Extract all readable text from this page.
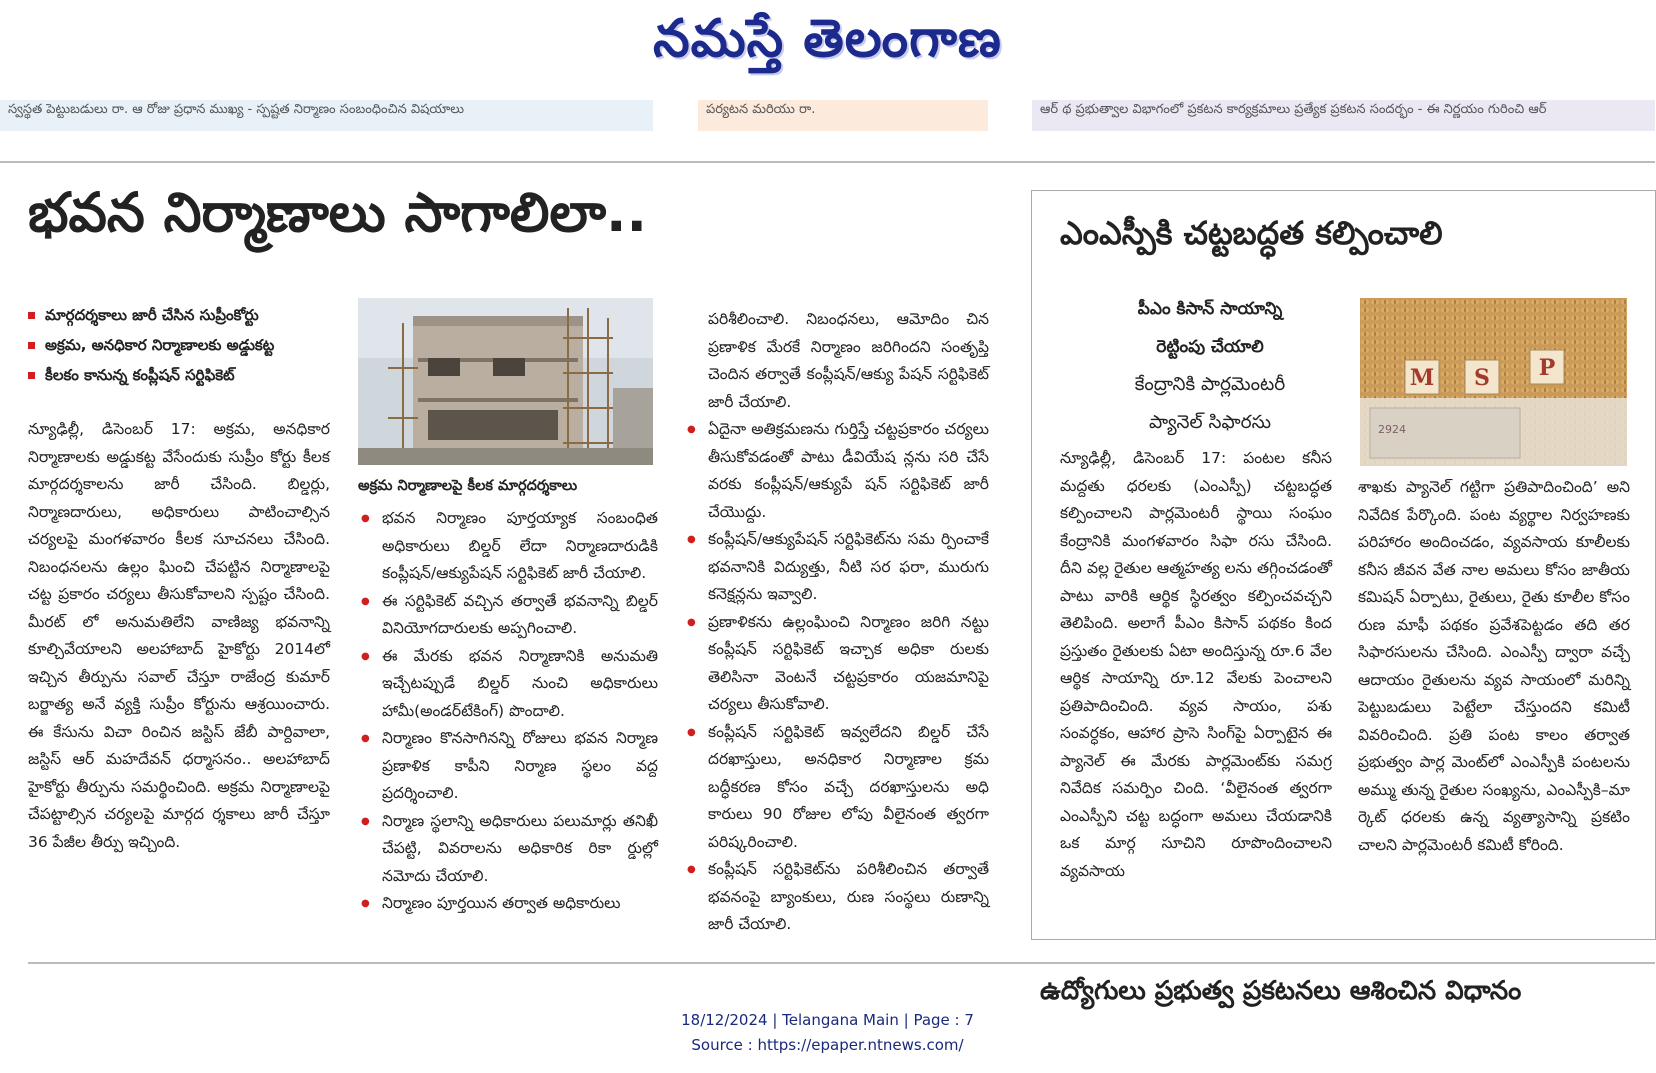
నమస్తే తెలంగాణ
స్వస్థత పెట్టుబడులు రా. ఆ రోజు ప్రధాన ముఖ్య - స్పష్టత నిర్మాణం సంబంధించిన విషయాలు	పర్యటన మరియు రా.	ఆర్ థ ప్రభుత్వాల విభాగంలో ప్రకటన కార్యక్రమాలు ప్రత్యేక ప్రకటన సందర్భం - ఈ నిర్ణయం గురించి ఆర్
భవన నిర్మాణాలు సాగాలిలా..
మార్గదర్శకాలు జారీ చేసిన సుప్రీంకోర్టు
అక్రమ, అనధికార నిర్మాణాలకు అడ్డుకట్ట
కీలకం కానున్న కంప్లీషన్ సర్టిఫికెట్

న్యూఢిల్లీ, డిసెంబర్ 17: అక్రమ, అనధికార నిర్మాణాలకు అడ్డుకట్ట వేసేందుకు సుప్రీం కోర్టు కీలక మార్గదర్శకాలను జారీ చేసింది. బిల్డర్లు, నిర్మాణదారులు, అధికారులు పాటించాల్సిన చర్యలపై మంగళవారం కీలక సూచనలు చేసింది. నిబంధనలను ఉల్లం ఘించి చేపట్టిన నిర్మాణాలపై చట్ట ప్రకారం చర్యలు తీసుకోవాలని స్పష్టం చేసింది. మీరట్ లో అనుమతిలేని వాణిజ్య భవనాన్ని కూల్చివేయాలని అలహాబాద్ హైకోర్టు 2014లో ఇచ్చిన తీర్పును సవాల్ చేస్తూ రాజేంద్ర కుమార్ బర్జాత్య అనే వ్యక్తి సుప్రీం కోర్టును ఆశ్రయించారు. ఈ కేసును విచా రించిన జస్టిస్ జేబీ పార్దివాలా, జస్టిస్ ఆర్ మహదేవన్ ధర్మాసనం.. అలహాబాద్ హైకోర్టు తీర్పును సమర్థించింది. అక్రమ నిర్మాణాలపై చేపట్టాల్సిన చర్యలపై మార్గద ర్శకాలు జారీ చేస్తూ 36 పేజీల తీర్పు ఇచ్చింది.

అక్రమ నిర్మాణాలపై కీలక మార్గదర్శకాలు
● భవన నిర్మాణం పూర్తయ్యాక సంబంధిత అధికారులు బిల్డర్ లేదా నిర్మాణదారుడికి కంప్లీషన్/ఆక్యుపేషన్ సర్టిఫికెట్ జారీ చేయాలి.
● ఈ సర్టిఫికెట్ వచ్చిన తర్వాతే భవనాన్ని బిల్డర్ వినియోగదారులకు అప్పగించాలి.
● ఈ మేరకు భవన నిర్మాణానికి అనుమతి ఇచ్చేటప్పుడే బిల్డర్ నుంచి అధికారులు హామీ(అండర్‌టేకింగ్) పొందాలి.
● నిర్మాణం కొనసాగినన్ని రోజులు భవన నిర్మాణ ప్రణాళిక కాపీని నిర్మాణ స్థలం వద్ద ప్రదర్శించాలి.
● నిర్మాణ స్థలాన్ని అధికారులు పలుమార్లు తనిఖీ చేపట్టి, వివరాలను అధికారిక రికా ర్డుల్లో నమోదు చేయాలి.
● నిర్మాణం పూర్తయిన తర్వాత అధికారులు

పరిశీలించాలి. నిబంధనలు, ఆమోదిం చిన ప్రణాళిక మేరకే నిర్మాణం జరిగిందని సంతృప్తి చెందిన తర్వాతే కంప్లీషన్/ఆక్యు పేషన్ సర్టిఫికెట్ జారీ చేయాలి.

● ఏదైనా అతిక్రమణను గుర్తిస్తే చట్టప్రకారం చర్యలు తీసుకోవడంతో పాటు డీవియేష న్లను సరి చేసే వరకు కంప్లీషన్/ఆక్యుపే షన్ సర్టిఫికెట్ జారీ చేయొద్దు.
● కంప్లీషన్/ఆక్యుపేషన్ సర్టిఫికెట్‌ను సమ ర్పించాకే భవనానికి విద్యుత్తు, నీటి సర ఫరా, మురుగు కనెక్షన్లను ఇవ్వాలి.
● ప్రణాళికను ఉల్లంఘించి నిర్మాణం జరిగి నట్టు కంప్లీషన్ సర్టిఫికెట్ ఇచ్చాక అధికా రులకు తెలిసినా వెంటనే చట్టప్రకారం యజమానిపై చర్యలు తీసుకోవాలి.
● కంప్లీషన్ సర్టిఫికెట్ ఇవ్వలేదని బిల్డర్ చేసే దరఖాస్తులు, అనధికార నిర్మాణాల క్రమ బద్ధీకరణ కోసం వచ్చే దరఖాస్తులను అధి కారులు 90 రోజుల లోపు వీలైనంత త్వరగా పరిష్కరించాలి.
● కంప్లీషన్ సర్టిఫికెట్‌ను పరిశీలించిన తర్వాతే భవనంపై బ్యాంకులు, రుణ సంస్థలు రుణాన్ని జారీ చేయాలి.
ఎంఎస్పీకి చట్టబద్ధత కల్పించాలి
పీఎం కిసాన్ సాయాన్ని
రెట్టింపు చేయాలి
కేంద్రానికి పార్లమెంటరీ
ప్యానెల్ సిఫారసు	2924
M S P

న్యూఢిల్లీ, డిసెంబర్ 17: పంటల కనీస మద్దతు ధరలకు (ఎంఎస్పీ) చట్టబద్ధత కల్పించాలని పార్లమెంటరీ స్థాయి సంఘం కేంద్రానికి మంగళవారం సిఫా రసు చేసింది. దీని వల్ల రైతుల ఆత్మహత్య లను తగ్గించడంతో పాటు వారికి ఆర్థిక స్థిరత్వం కల్పించవచ్చని తెలిపింది. అలాగే పీఎం కిసాన్ పథకం కింద ప్రస్తుతం రైతులకు ఏటా అందిస్తున్న రూ.6 వేల ఆర్థిక సాయాన్ని రూ.12 వేలకు పెంచాలని ప్రతిపాదించింది. వ్యవ సాయం, పశు సంవర్ధకం, ఆహార ప్రాసె సింగ్‌పై ఏర్పాటైన ఈ ప్యానెల్ ఈ మేరకు పార్లమెంట్‌కు సమగ్ర నివేదిక సమర్పిం చింది. ‘వీలైనంత త్వరగా ఎంఎస్పీని చట్ట బద్ధంగా అమలు చేయడానికి ఒక మార్గ సూచిని రూపొందించాలని వ్యవసాయ

శాఖకు ప్యానెల్ గట్టిగా ప్రతిపాదించింది’ అని నివేదిక పేర్కొంది. పంట వ్యర్థాల నిర్వహణకు పరిహారం అందించడం, వ్యవసాయ కూలీలకు కనీస జీవన వేత నాల అమలు కోసం జాతీయ కమిషన్ ఏర్పాటు, రైతులు, రైతు కూలీల కోసం రుణ మాఫీ పథకం ప్రవేశపెట్టడం తది తర సిఫారసులను చేసింది. ఎంఎస్పీ ద్వారా వచ్చే ఆదాయం రైతులను వ్యవ సాయంలో మరిన్ని పెట్టుబడులు పెట్టేలా చేస్తుందని కమిటీ వివరించింది. ప్రతి పంట కాలం తర్వాత ప్రభుత్వం పార్ల మెంట్‌లో ఎంఎస్పీకి పంటలను అమ్ము తున్న రైతుల సంఖ్యను, ఎంఎస్పీకి–మా ర్కెట్ ధరలకు ఉన్న వ్యత్యాసాన్ని ప్రకటిం చాలని పార్లమెంటరీ కమిటీ కోరింది.

ఉద్యోగులు ప్రభుత్వ ప్రకటనలు ఆశించిన విధానం
18/12/2024 | Telangana Main | Page : 7
Source : https://epaper.ntnews.com/
